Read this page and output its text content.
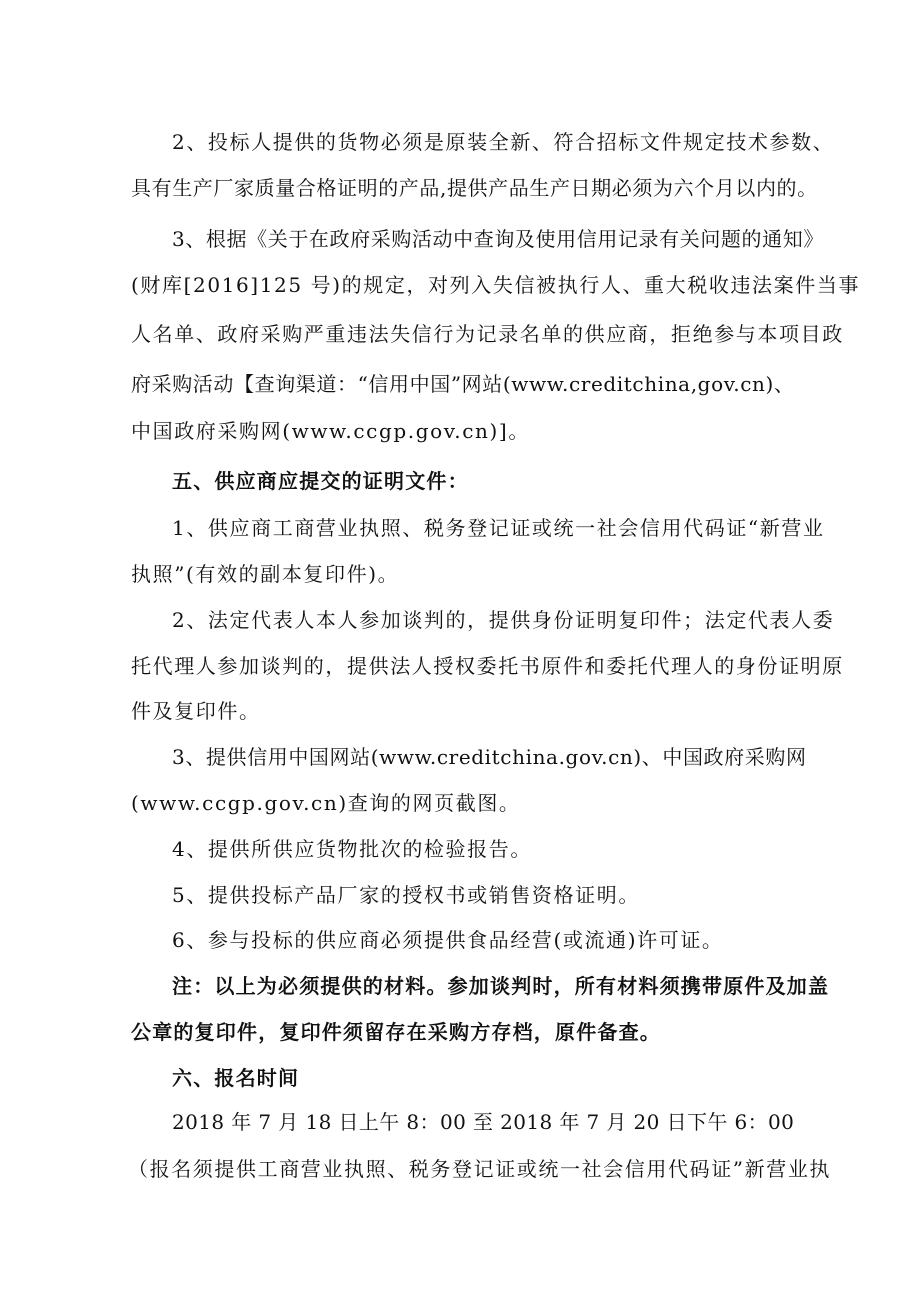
2、投标人提供的货物必须是原装全新、符合招标文件规定技术参数、
具有生产厂家质量合格证明的产品,提供产品生产日期必须为六个月以内的。
3、根据《关于在政府采购活动中查询及使用信用记录有关问题的通知》
(财库[2016]125 号)的规定，对列入失信被执行人、重大税收违法案件当事
人名单、政府采购严重违法失信行为记录名单的供应商，拒绝参与本项目政
府采购活动【查询渠道：“信用中国”网站(www.creditchina,gov.cn)、
中国政府采购网(www.ccgp.gov.cn)]。
五、供应商应提交的证明文件：
1、供应商工商营业执照、税务登记证或统一社会信用代码证“新营业
执照”(有效的副本复印件)。
2、法定代表人本人参加谈判的，提供身份证明复印件；法定代表人委
托代理人参加谈判的，提供法人授权委托书原件和委托代理人的身份证明原
件及复印件。
3、提供信用中国网站(www.creditchina.gov.cn)、中国政府采购网
(www.ccgp.gov.cn)查询的网页截图。
4、提供所供应货物批次的检验报告。
5、提供投标产品厂家的授权书或销售资格证明。
6、参与投标的供应商必须提供食品经营(或流通)许可证。
注：以上为必须提供的材料。参加谈判时，所有材料须携带原件及加盖
公章的复印件，复印件须留存在采购方存档，原件备查。
六、报名时间
2018 年 7 月 18 日上午 8：00 至 2018 年 7 月 20 日下午 6：00
（报名须提供工商营业执照、税务登记证或统一社会信用代码证”新营业执
